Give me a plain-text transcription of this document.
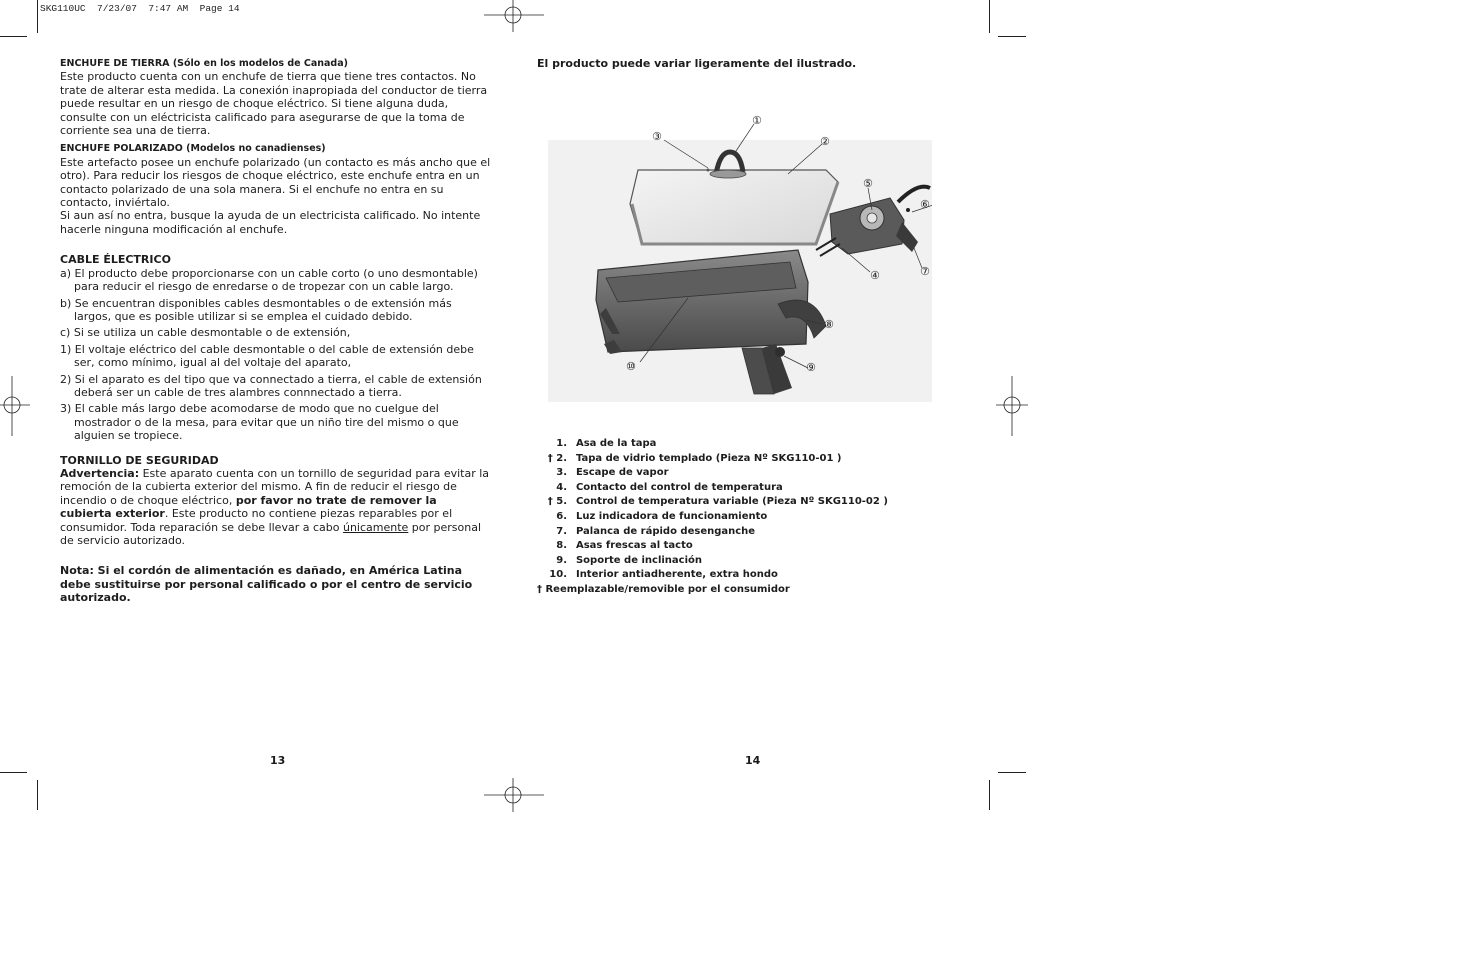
SKG110UC  7/23/07  7:47 AM  Page 14
ENCHUFE DE TIERRA (Sólo en los modelos de Canada)

Este producto cuenta con un enchufe de tierra que tiene tres contactos. No trate de alterar esta medida. La conexión inapropiada del conductor de tierra puede resultar en un riesgo de choque eléctrico. Si tiene alguna duda, consulte con un eléctricista calificado para asegurarse de que la toma de corriente sea una de tierra.

ENCHUFE POLARIZADO (Modelos no canadienses)

Este artefacto posee un enchufe polarizado (un contacto es más ancho que el otro). Para reducir los riesgos de choque eléctrico, este enchufe entra en un contacto polarizado de una sola manera. Si el enchufe no entra en su contacto, inviértalo.

Si aun así no entra, busque la ayuda de un electricista calificado. No intente hacerle ninguna modificación al enchufe.

CABLE ÉLECTRICO
a) El producto debe proporcionarse con un cable corto (o uno desmontable) para reducir el riesgo de enredarse o de tropezar con un cable largo.
b) Se encuentran disponibles cables desmontables o de extensión más largos, que es posible utilizar si se emplea el cuidado debido.
c) Si se utiliza un cable desmontable o de extensión,
1) El voltaje eléctrico del cable desmontable o del cable de extensión debe ser, como mínimo, igual al del voltaje del aparato,
2) Si el aparato es del tipo que va connectado a tierra, el cable de extensión deberá ser un cable de tres alambres connnectado a tierra.
3) El cable más largo debe acomodarse de modo que no cuelgue del mostrador o de la mesa, para evitar que un niño tire del mismo o que alguien se tropiece.
TORNILLO DE SEGURIDAD

Advertencia: Este aparato cuenta con un tornillo de seguridad para evitar la remoción de la cubierta exterior del mismo. A fin de reducir el riesgo de incendio o de choque eléctrico, por favor no trate de remover la cubierta exterior. Este producto no contiene piezas reparables por el consumidor. Toda reparación se debe llevar a cabo únicamente por personal de servicio autorizado.

Nota: Si el cordón de alimentación es dañado, en América Latina debe sustituirse por personal calificado o por el centro de servicio autorizado.

13
El producto puede variar ligeramente del ilustrado.
①
②
③
④
⑤
⑥
⑦
⑧
⑨
⑩
1.
Asa de la tapa
† 2.
Tapa de vidrio templado (Pieza Nº SKG110-01 )
3.
Escape de vapor
4.
Contacto del control de temperatura
† 5.
Control de temperatura variable (Pieza Nº SKG110-02 )
6.
Luz indicadora de funcionamiento
7.
Palanca de rápido desenganche
8.
Asas frescas al tacto
9.
Soporte de inclinación
10.
Interior antiadherente, extra hondo
† Reemplazable/removible por el consumidor
14
